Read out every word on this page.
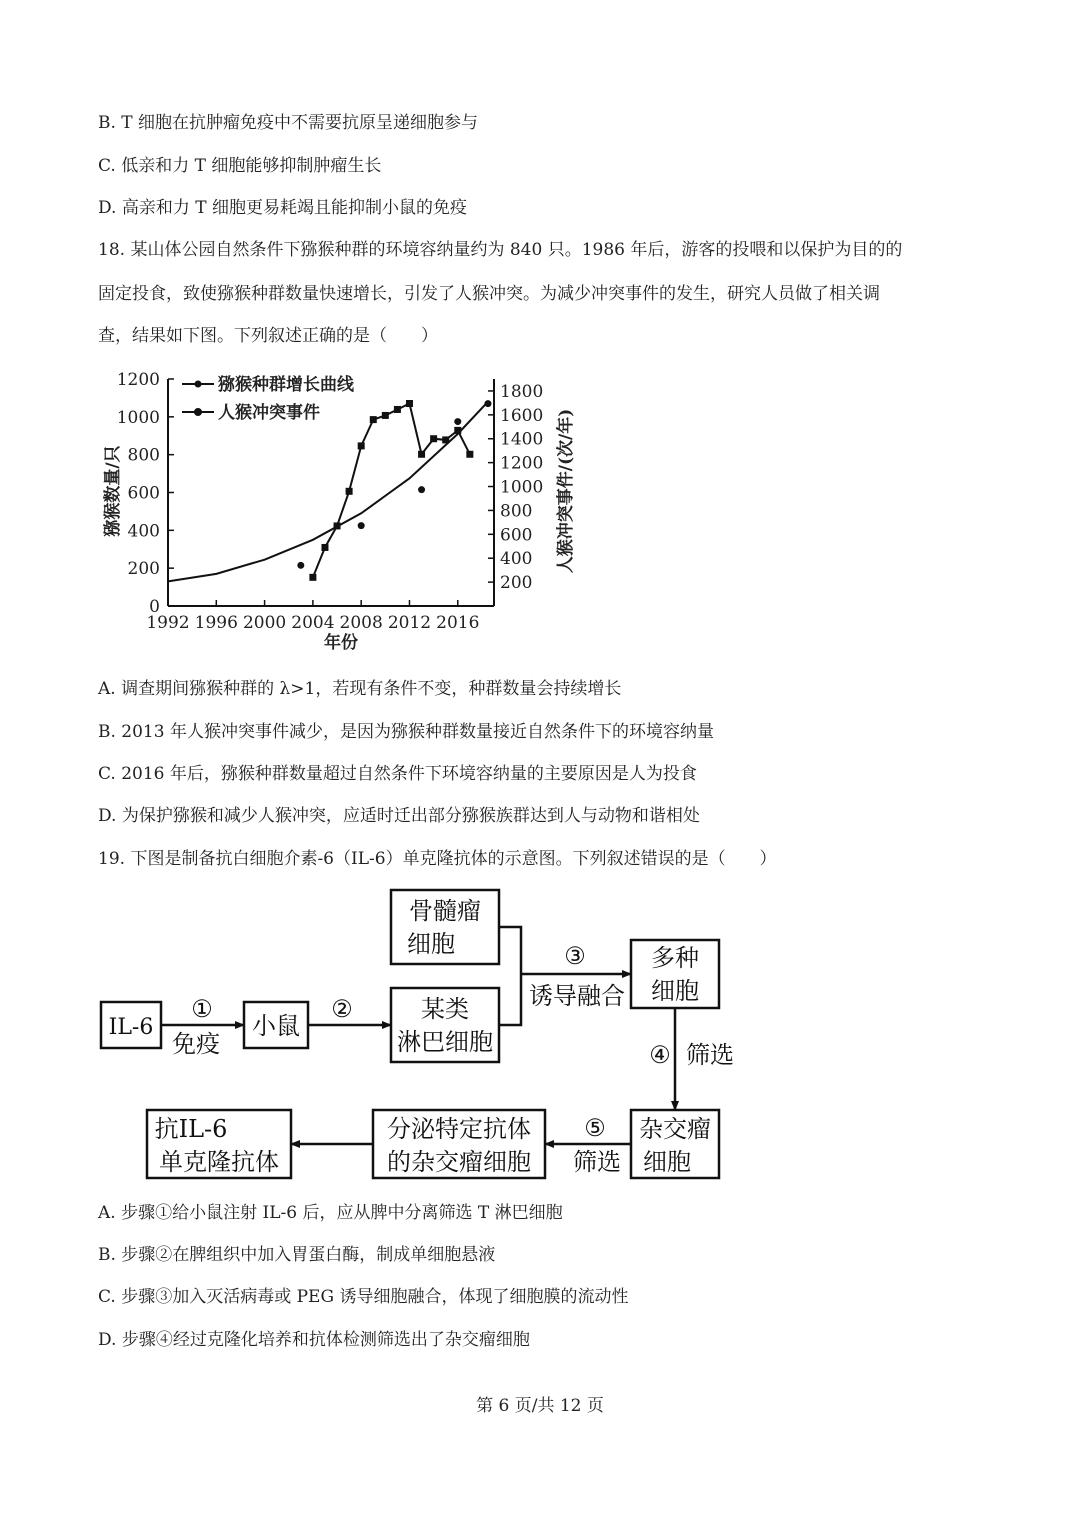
B. T 细胞在抗肿瘤免疫中不需要抗原呈递细胞参与
C. 低亲和力 T 细胞能够抑制肿瘤生长
D. 高亲和力 T 细胞更易耗竭且能抑制小鼠的免疫
18. 某山体公园自然条件下猕猴种群的环境容纳量约为 840 只。1986 年后，游客的投喂和以保护为目的的
固定投食，致使猕猴种群数量快速增长，引发了人猴冲突。为减少冲突事件的发生，研究人员做了相关调
查，结果如下图。下列叙述正确的是（　　）
0
200
400
600
800
1000
1200
200
400
600
800
1000
1200
1400
1600
1800
1992 1996 2000 2004 2008 2012 2016
年份
猕猴数量/只	人猴冲突事件/(次/年)
猕猴种群增长曲线
人猴冲突事件
A. 调查期间猕猴种群的 λ>1，若现有条件不变，种群数量会持续增长
B. 2013 年人猴冲突事件减少，是因为猕猴种群数量接近自然条件下的环境容纳量
C. 2016 年后，猕猴种群数量超过自然条件下环境容纳量的主要原因是人为投食
D. 为保护猕猴和减少人猴冲突，应适时迁出部分猕猴族群达到人与动物和谐相处
19. 下图是制备抗白细胞介素-6（IL-6）单克隆抗体的示意图。下列叙述错误的是（　　）
IL-6	小鼠
某类
淋巴细胞
骨髓瘤
细胞	多种
细胞
杂交瘤
细胞
分泌特定抗体
的杂交瘤细胞
抗IL-6
单克隆抗体
①
免疫
②
③
诱导融合
④ 筛选
⑤
筛选
A. 步骤①给小鼠注射 IL-6 后，应从脾中分离筛选 T 淋巴细胞
B. 步骤②在脾组织中加入胃蛋白酶，制成单细胞悬液
C. 步骤③加入灭活病毒或 PEG 诱导细胞融合，体现了细胞膜的流动性
D. 步骤④经过克隆化培养和抗体检测筛选出了杂交瘤细胞
第 6 页/共 12 页
